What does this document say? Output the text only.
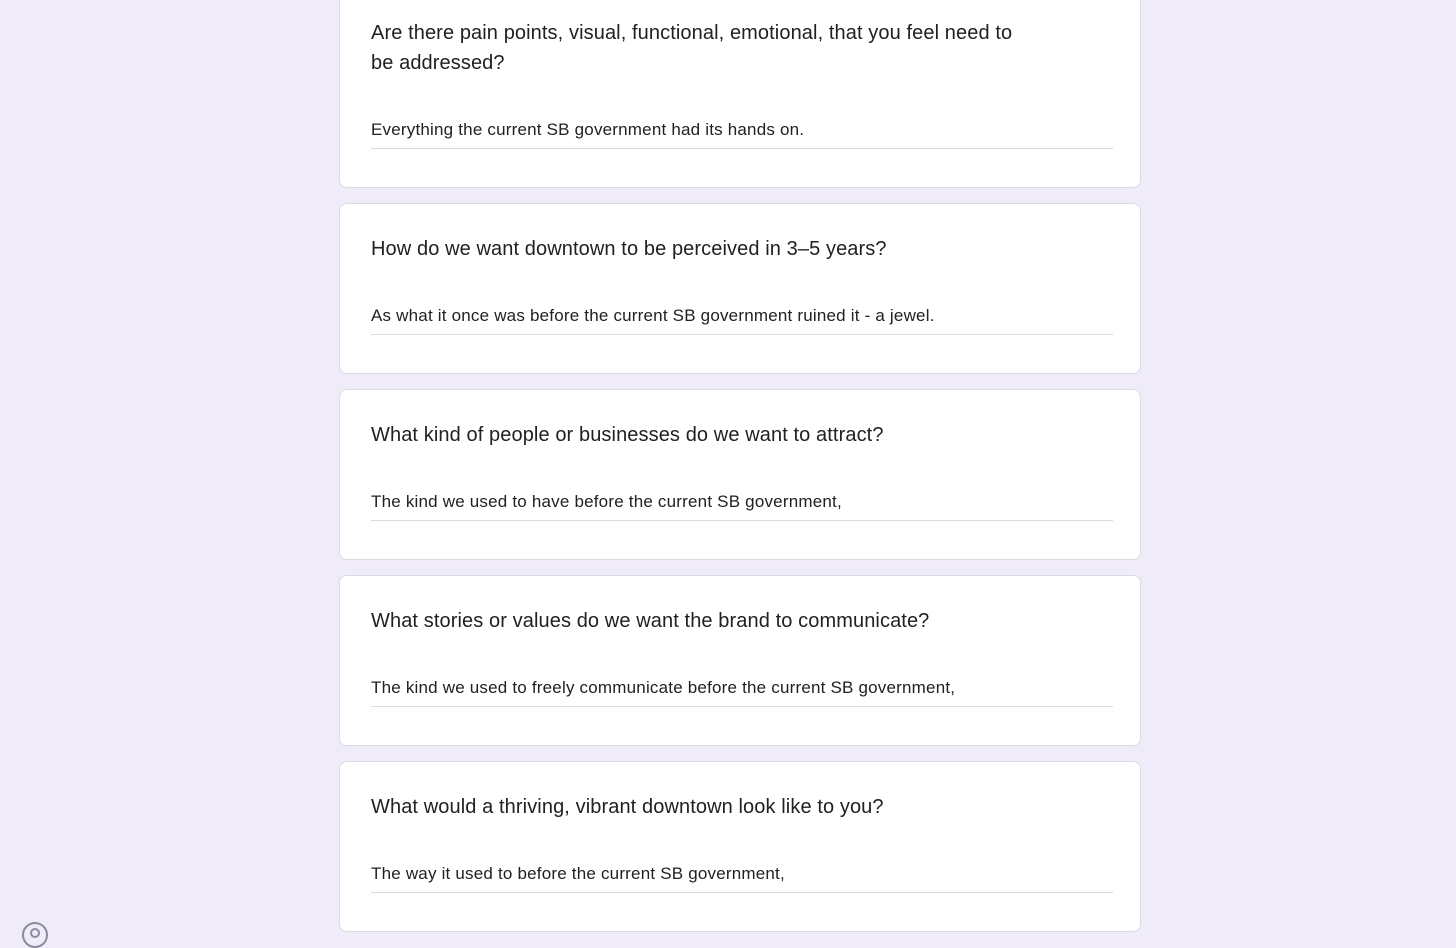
Are there pain points, visual, functional, emotional, that you feel need to be addressed?
Everything the current SB government had its hands on.
How do we want downtown to be perceived in 3–5 years?
As what it once was before the current SB government ruined it - a jewel.
What kind of people or businesses do we want to attract?
The kind we used to have before the current SB government,
What stories or values do we want the brand to communicate?
The kind we used to freely communicate before the current SB government,
What would a thriving, vibrant downtown look like to you?
The way it used to before the current SB government,
